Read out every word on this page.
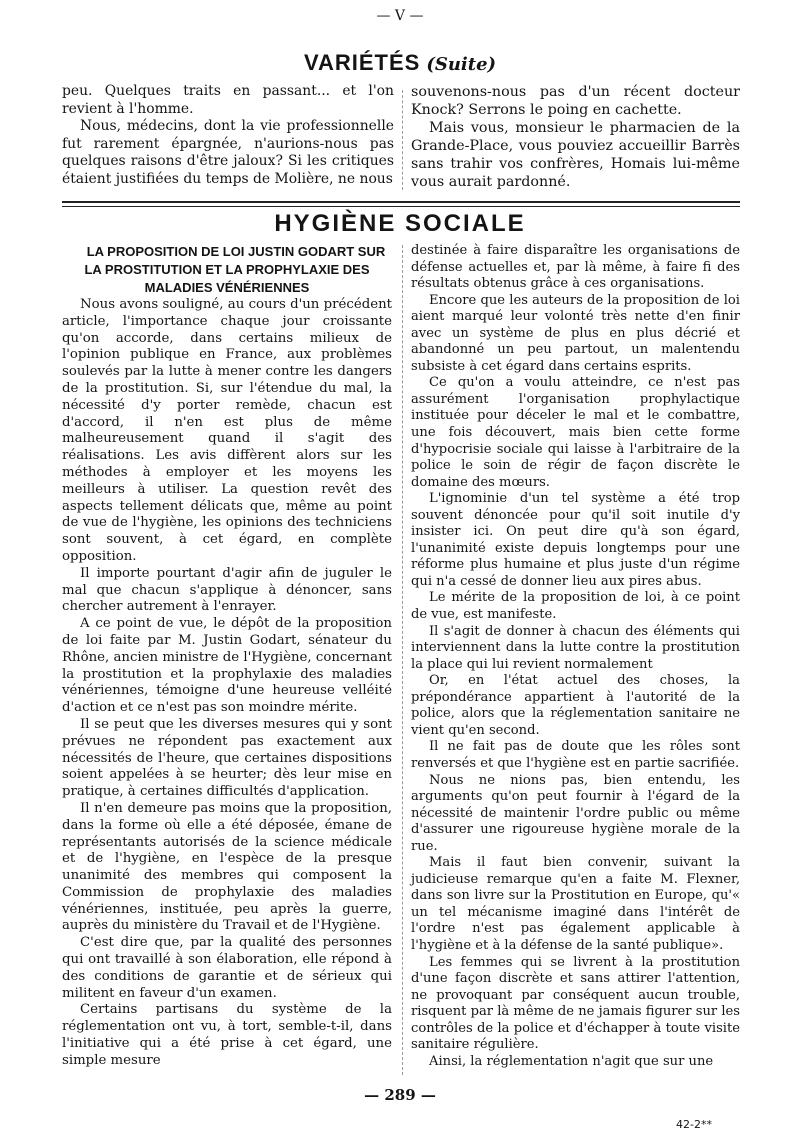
— V —
VARIÉTÉS (Suite)

peu. Quelques traits en passant... et l'on revient à l'homme.

Nous, médecins, dont la vie professionnelle fut rarement épargnée, n'aurions-nous pas quelques raisons d'être jaloux? Si les critiques étaient justifiées du temps de Molière, ne nous

souvenons-nous pas d'un récent docteur Knock? Serrons le poing en cachette.

Mais vous, monsieur le pharmacien de la Grande-Place, vous pouviez accueillir Barrès sans trahir vos confrères, Homais lui-même vous aurait pardonné.

HYGIÈNE SOCIALE

LA PROPOSITION DE LOI JUSTIN GODART SUR LA PROSTITUTION ET LA PROPHYLAXIE DES MALADIES VÉNÉRIENNES

Nous avons souligné, au cours d'un précédent article, l'importance chaque jour croissante qu'on accorde, dans certains milieux de l'opinion publique en France, aux problèmes soulevés par la lutte à mener contre les dangers de la prostitution. Si, sur l'étendue du mal, la nécessité d'y porter remède, chacun est d'accord, il n'en est plus de même malheureusement quand il s'agit des réalisations. Les avis diffèrent alors sur les méthodes à employer et les moyens les meilleurs à utiliser. La question revêt des aspects tellement délicats que, même au point de vue de l'hygiène, les opinions des techniciens sont souvent, à cet égard, en complète opposition.

Il importe pourtant d'agir afin de juguler le mal que chacun s'applique à dénoncer, sans chercher autrement à l'enrayer.

A ce point de vue, le dépôt de la proposition de loi faite par M. Justin Godart, sénateur du Rhône, ancien ministre de l'Hygiène, concernant la prostitution et la prophylaxie des maladies vénériennes, témoigne d'une heureuse velléité d'action et ce n'est pas son moindre mérite.

Il se peut que les diverses mesures qui y sont prévues ne répondent pas exactement aux nécessités de l'heure, que certaines dispositions soient appelées à se heurter; dès leur mise en pratique, à certaines difficultés d'application.

Il n'en demeure pas moins que la proposition, dans la forme où elle a été déposée, émane de représentants autorisés de la science médicale et de l'hygiène, en l'espèce de la presque unanimité des membres qui composent la Commission de prophylaxie des maladies vénériennes, instituée, peu après la guerre, auprès du ministère du Travail et de l'Hygiène.

C'est dire que, par la qualité des personnes qui ont travaillé à son élaboration, elle répond à des conditions de garantie et de sérieux qui militent en faveur d'un examen.

Certains partisans du système de la réglementation ont vu, à tort, semble-t-il, dans l'initiative qui a été prise à cet égard, une simple mesure

destinée à faire disparaître les organisations de défense actuelles et, par là même, à faire fi des résultats obtenus grâce à ces organisations.

Encore que les auteurs de la proposition de loi aient marqué leur volonté très nette d'en finir avec un système de plus en plus décrié et abandonné un peu partout, un malentendu subsiste à cet égard dans certains esprits.

Ce qu'on a voulu atteindre, ce n'est pas assurément l'organisation prophylactique instituée pour déceler le mal et le combattre, une fois découvert, mais bien cette forme d'hypocrisie sociale qui laisse à l'arbitraire de la police le soin de régir de façon discrète le domaine des mœurs.

L'ignominie d'un tel système a été trop souvent dénoncée pour qu'il soit inutile d'y insister ici. On peut dire qu'à son égard, l'unanimité existe depuis longtemps pour une réforme plus humaine et plus juste d'un régime qui n'a cessé de donner lieu aux pires abus.

Le mérite de la proposition de loi, à ce point de vue, est manifeste.

Il s'agit de donner à chacun des éléments qui interviennent dans la lutte contre la prostitution la place qui lui revient normalement

Or, en l'état actuel des choses, la prépondérance appartient à l'autorité de la police, alors que la réglementation sanitaire ne vient qu'en second.

Il ne fait pas de doute que les rôles sont renversés et que l'hygiène est en partie sacrifiée.

Nous ne nions pas, bien entendu, les arguments qu'on peut fournir à l'égard de la nécessité de maintenir l'ordre public ou même d'assurer une rigoureuse hygiène morale de la rue.

Mais il faut bien convenir, suivant la judicieuse remarque qu'en a faite M. Flexner, dans son livre sur la Prostitution en Europe, qu'« un tel mécanisme imaginé dans l'intérêt de l'ordre n'est pas également applicable à l'hygiène et à la défense de la santé publique».

Les femmes qui se livrent à la prostitution d'une façon discrète et sans attirer l'attention, ne provoquant par conséquent aucun trouble, risquent par là même de ne jamais figurer sur les contrôles de la police et d'échapper à toute visite sanitaire régulière.

Ainsi, la réglementation n'agit que sur une

— 289 —
42-2**
